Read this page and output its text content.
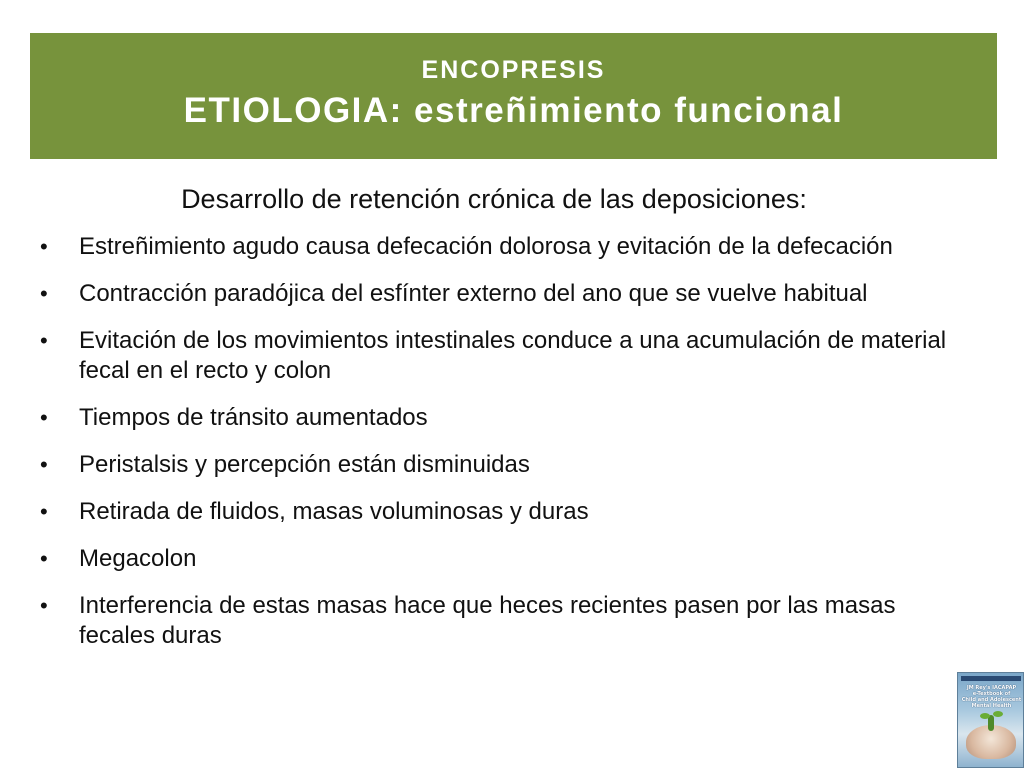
ENCOPRESIS
ETIOLOGIA: estreñimiento funcional
Desarrollo de retención crónica de las deposiciones:
• Estreñimiento agudo causa defecación dolorosa y evitación de la defecación
• Contracción paradójica del esfínter externo del ano que se vuelve habitual
• Evitación de los movimientos intestinales conduce a una acumulación de material fecal en el recto y colon
• Tiempos de tránsito aumentados
• Peristalsis y percepción están disminuidas
• Retirada de fluidos, masas voluminosas y duras
• Megacolon
• Interferencia de estas masas hace que heces recientes pasen por las masas fecales duras
JM Rey's IACAPAP
e-Textbook of
Child and Adolescent
Mental Health
